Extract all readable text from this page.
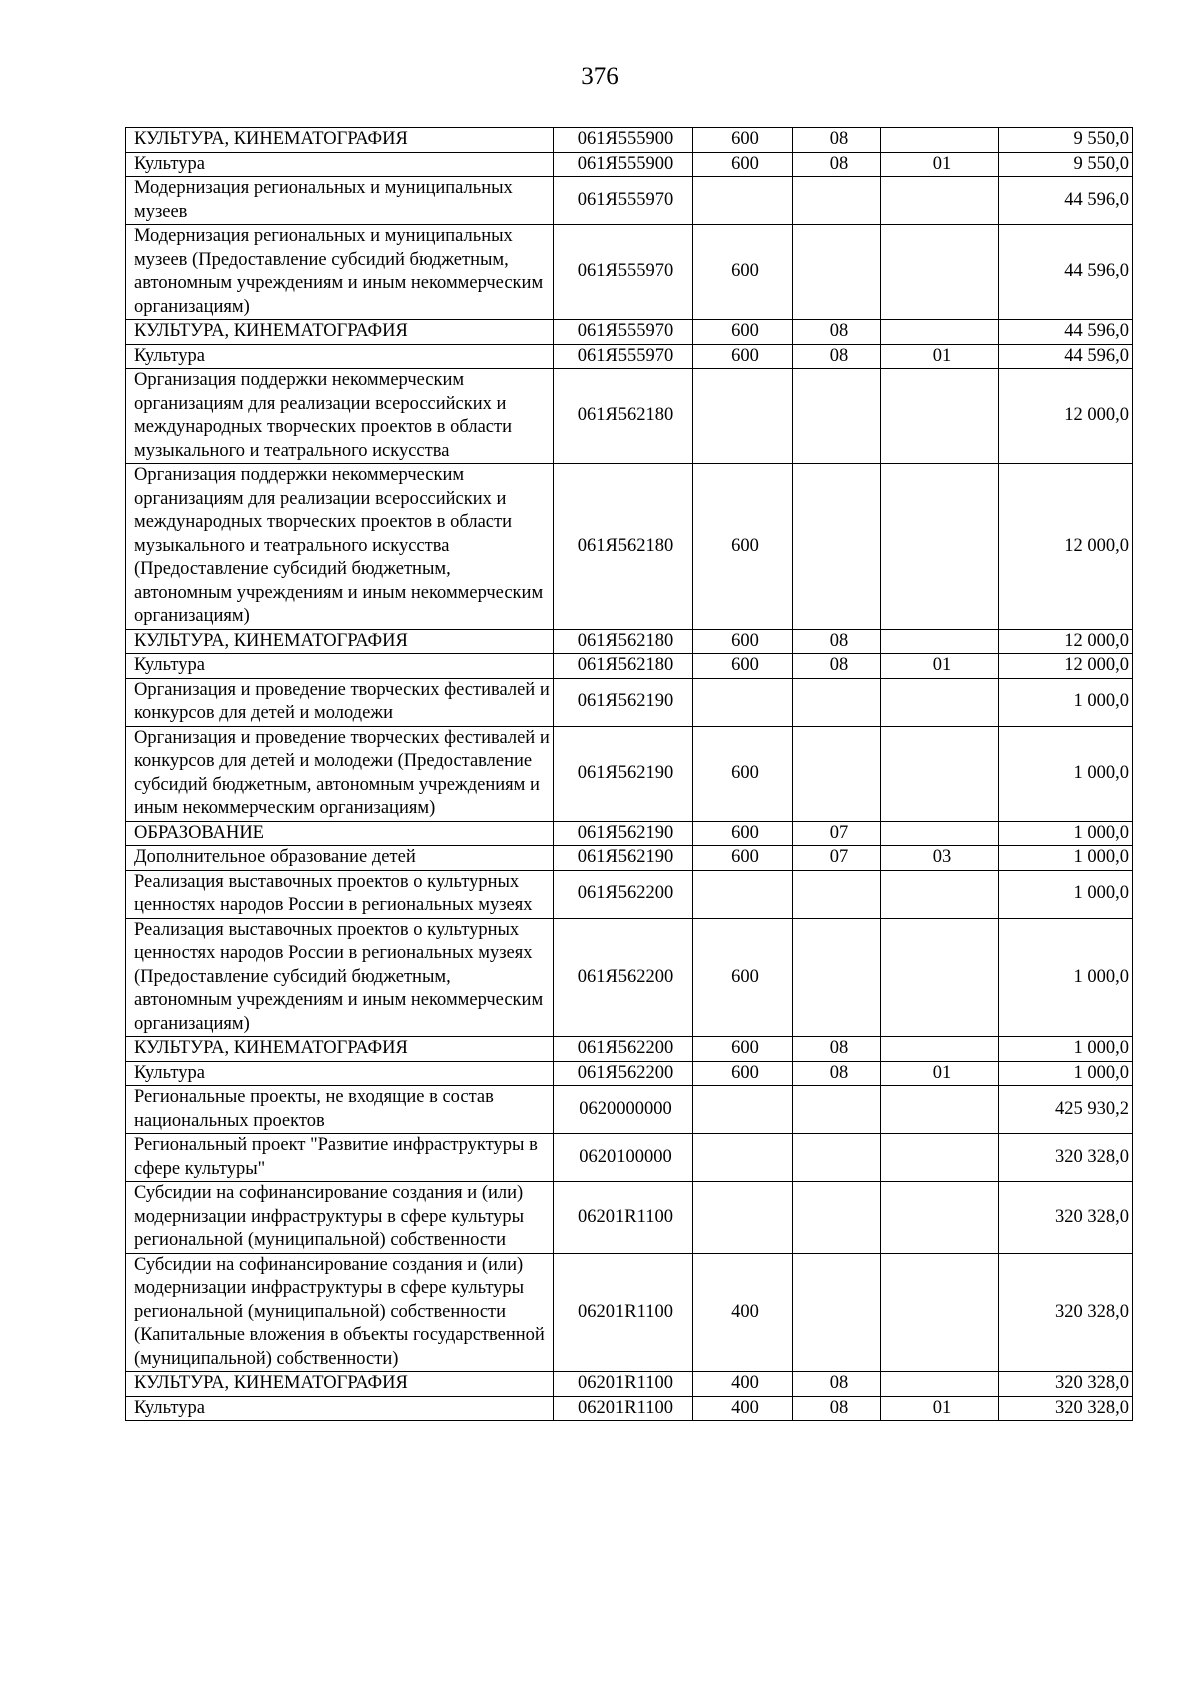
376
КУЛЬТУРА, КИНЕМАТОГРАФИЯ	061Я555900	600	08		9 550,0
Культура	061Я555900	600	08	01	9 550,0
Модернизация региональных и муниципальных музеев	061Я555970				44 596,0
Модернизация региональных и муниципальных музеев (Предоставление субсидий бюджетным, автономным учреждениям и иным некоммерческим организациям)	061Я555970	600			44 596,0
КУЛЬТУРА, КИНЕМАТОГРАФИЯ	061Я555970	600	08		44 596,0
Культура	061Я555970	600	08	01	44 596,0
Организация поддержки некоммерческим организациям для реализации всероссийских и международных творческих проектов в области музыкального и театрального искусства	061Я562180				12 000,0
Организация поддержки некоммерческим организациям для реализации всероссийских и международных творческих проектов в области музыкального и театрального искусства (Предоставление субсидий бюджетным, автономным учреждениям и иным некоммерческим организациям)	061Я562180	600			12 000,0
КУЛЬТУРА, КИНЕМАТОГРАФИЯ	061Я562180	600	08		12 000,0
Культура	061Я562180	600	08	01	12 000,0
Организация и проведение творческих фестивалей и конкурсов для детей и молодежи	061Я562190				1 000,0
Организация и проведение творческих фестивалей и конкурсов для детей и молодежи (Предоставление субсидий бюджетным, автономным учреждениям и иным некоммерческим организациям)	061Я562190	600			1 000,0
ОБРАЗОВАНИЕ	061Я562190	600	07		1 000,0
Дополнительное образование детей	061Я562190	600	07	03	1 000,0
Реализация выставочных проектов о культурных ценностях народов России в региональных музеях	061Я562200				1 000,0
Реализация выставочных проектов о культурных ценностях народов России в региональных музеях (Предоставление субсидий бюджетным, автономным учреждениям и иным некоммерческим организациям)	061Я562200	600			1 000,0
КУЛЬТУРА, КИНЕМАТОГРАФИЯ	061Я562200	600	08		1 000,0
Культура	061Я562200	600	08	01	1 000,0
Региональные проекты, не входящие в состав национальных проектов	0620000000				425 930,2
Региональный проект "Развитие инфраструктуры в сфере культуры"	0620100000				320 328,0
Субсидии на софинансирование создания и (или) модернизации инфраструктуры в сфере культуры региональной (муниципальной) собственности	06201R1100				320 328,0
Субсидии на софинансирование создания и (или) модернизации инфраструктуры в сфере культуры региональной (муниципальной) собственности (Капитальные вложения в объекты государственной (муниципальной) собственности)	06201R1100	400			320 328,0
КУЛЬТУРА, КИНЕМАТОГРАФИЯ	06201R1100	400	08		320 328,0
Культура	06201R1100	400	08	01	320 328,0
